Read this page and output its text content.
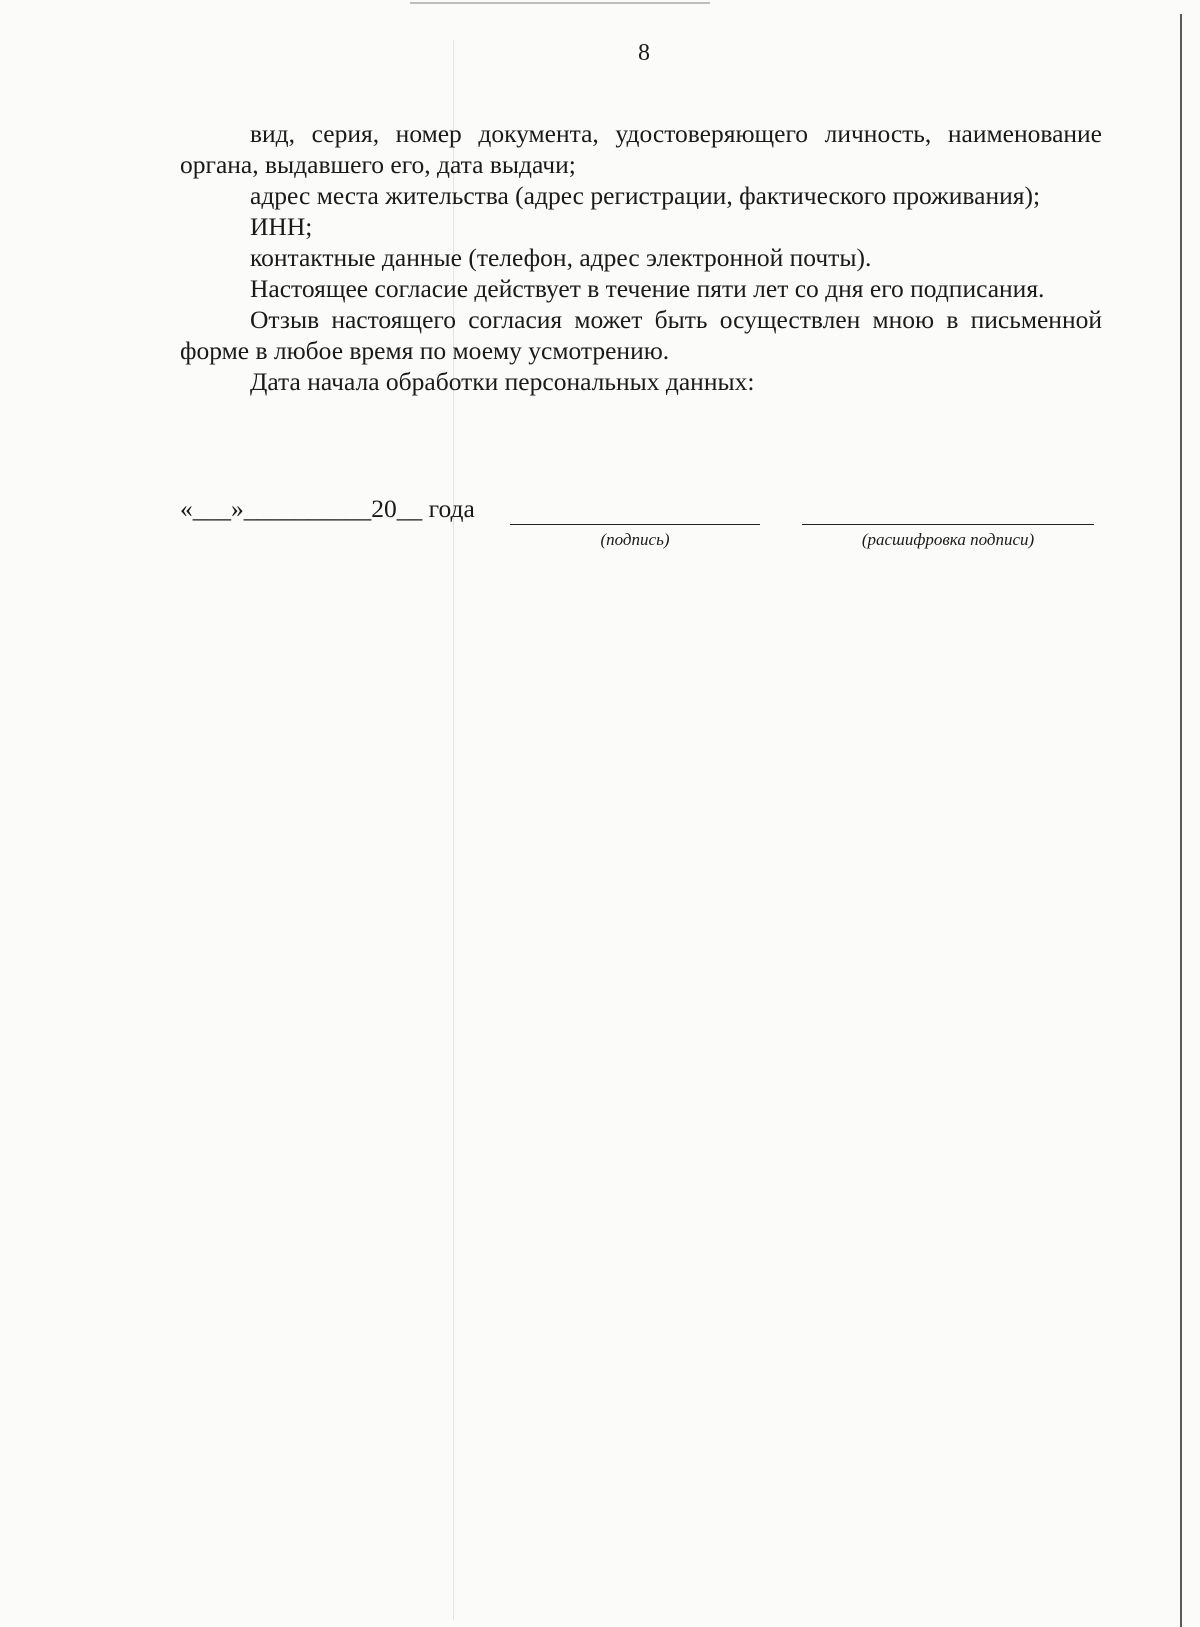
8

вид, серия, номер документа, удостоверяющего личность, наименование органа, выдавшего его, дата выдачи;

адрес места жительства (адрес регистрации, фактического проживания);

ИНН;

контактные данные (телефон, адрес электронной почты).

Настоящее согласие действует в течение пяти лет со дня его подписания.

Отзыв настоящего согласия может быть осуществлен мною в письменной форме в любое время по моему усмотрению.

Дата начала обработки персональных данных:

«___»__________20__ года
(подпись)	(расшифровка подписи)
